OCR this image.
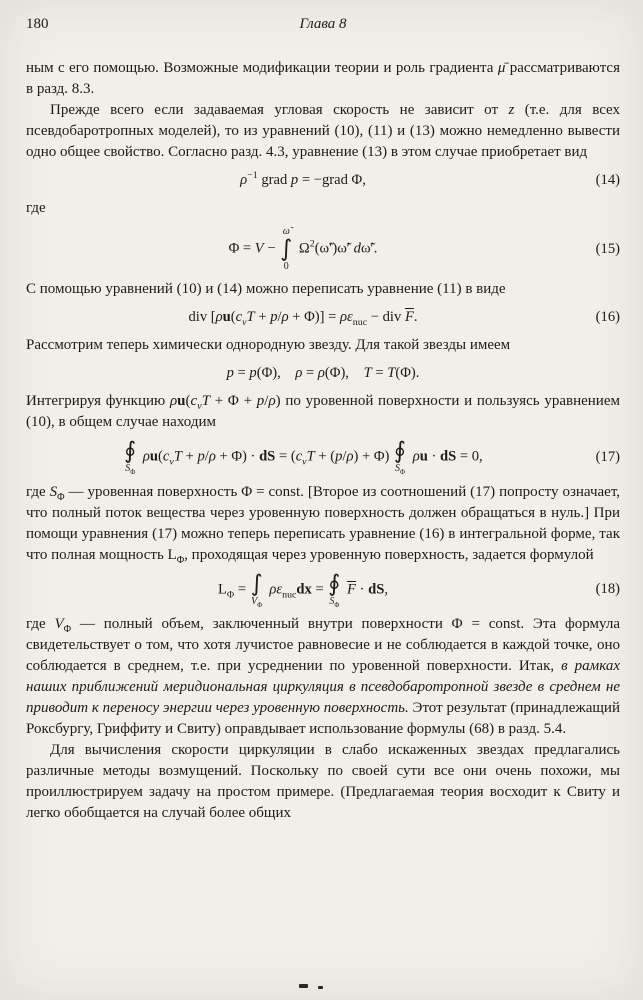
180	Глава 8

ным с его помощью. Возможные модификации теории и роль градиента μ̄ рассматриваются в разд. 8.3.

Прежде всего если задаваемая угловая скорость не зависит от z (т.е. для всех псевдобаротропных моделей), то из уравнений (10), (11) и (13) можно немедленно вывести одно общее свойство. Согласно разд. 4.3, уравнение (13) в этом случае приобретает вид

$\rho^{-1}$ grad p = −grad Φ,	(14)

где

Φ = V −
ω̃
∫
0
$\Omega^2(\omegã')\omegã'$ dω̃′.	(15)

С помощью уравнений (10) и (14) можно переписать уравнение (11) в виде

div $[\rho u(c_vT + p/\rho + \Phi)] = \rho\varepsilon_{nuc}$ − div $\overline{F}$.	(16)

Рассмотрим теперь химически однородную звезду. Для такой звезды имеем

p = p(Φ),  ρ = ρ(Φ),  T = T(Φ).

Интегрируя функцию $\rho u(c_vT + \Phi + p/\rho)$ по уровенной поверхности и пользуясь уравнением (10), в общем случае находим

∮
$S_\Phi$
$\rho u(c_vT + p/\rho + \Phi)$ · dS = $(c_vT + (p/\rho) + \Phi)$ ∮
$S_\Phi$
ρu · dS = 0,	(17)

где $S_\Phi$ — уровенная поверхность Φ = const. [Второе из соотношений (17) попросту означает, что полный поток вещества через уровенную поверхность должен обращаться в нуль.] При помощи уравнения (17) можно теперь переписать уравнение (16) в интегральной форме, так что полная мощность $L_\Phi$, проходящая через уровенную поверхность, задается формулой

$L_\Phi$ = ∫
$V_\Phi$
$\rho\varepsilon_{nuc}dx$ = ∮
$S_\Phi$
$\overline{F}$ · dS,	(18)

где $V_\Phi$ — полный объем, заключенный внутри поверхности Φ = const. Эта формула свидетельствует о том, что хотя лучистое равновесие и не соблюдается в каждой точке, оно соблюдается в среднем, т.е. при усреднении по уровенной поверхности. Итак, в рамках наших приближений меридиональная циркуляция в псевдобаротропной звезде в среднем не приводит к переносу энергии через уровенную поверхность. Этот результат (принадлежащий Роксбургу, Гриффиту и Свиту) оправдывает использование формулы (68) в разд. 5.4.

Для вычисления скорости циркуляции в слабо искаженных звездах предлагались различные методы возмущений. Поскольку по своей сути все они очень похожи, мы проиллюстрируем задачу на простом примере. (Предлагаемая теория восходит к Свиту и легко обобщается на случай более общих
